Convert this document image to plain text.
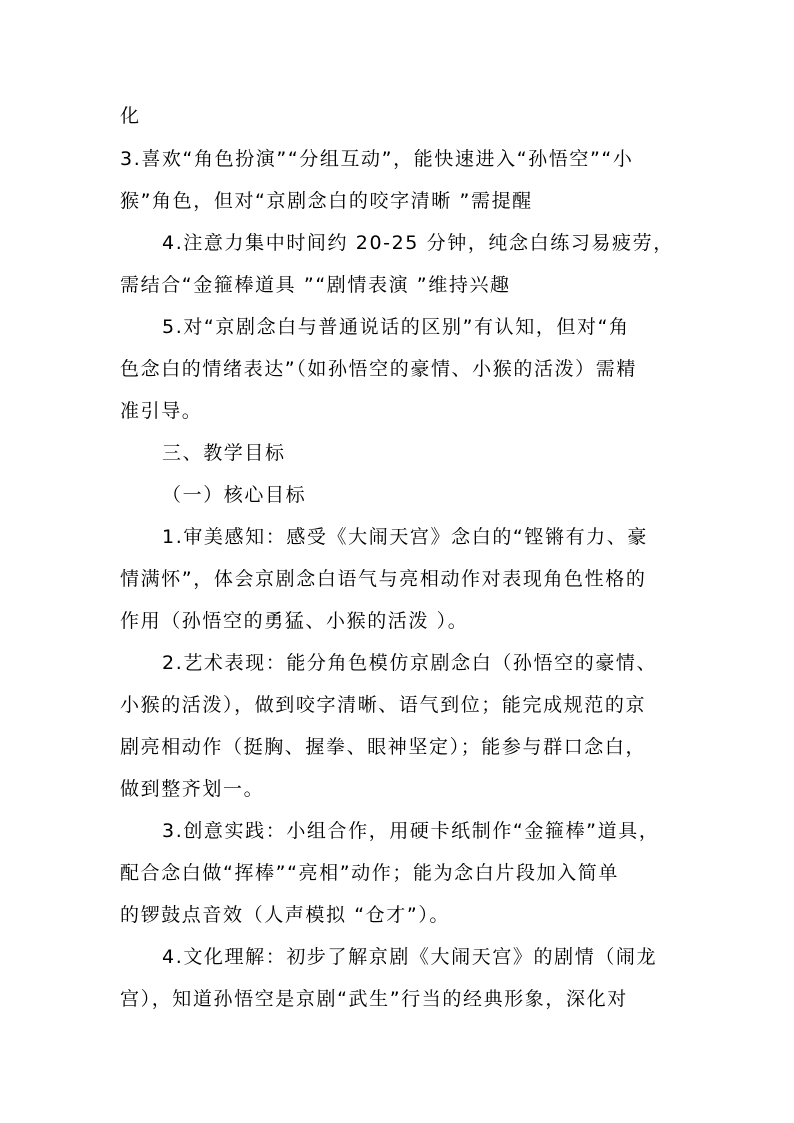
化
3.喜欢“角色扮演”“分组互动”，能快速进入“孙悟空”“小
猴”角色，但对“京剧念白的咬字清晰 ”需提醒
4.注意力集中时间约 20-25 分钟，纯念白练习易疲劳，
需结合“金箍棒道具 ”“剧情表演 ”维持兴趣
5.对“京剧念白与普通说话的区别”有认知，但对“角
色念白的情绪表达”（如孙悟空的豪情、小猴的活泼）需精
准引导。
三、教学目标
（一）核心目标
1.审美感知：感受《大闹天宫》念白的“铿锵有力、豪
情满怀”，体会京剧念白语气与亮相动作对表现角色性格的
作用（孙悟空的勇猛、小猴的活泼 ）。
2.艺术表现：能分角色模仿京剧念白（孙悟空的豪情、
小猴的活泼），做到咬字清晰、语气到位；能完成规范的京
剧亮相动作（挺胸、握拳、眼神坚定）；能参与群口念白，
做到整齐划一。
3.创意实践：小组合作，用硬卡纸制作“金箍棒”道具，
配合念白做“挥棒”“亮相”动作；能为念白片段加入简单
的锣鼓点音效（人声模拟 “仓才”）。
4.文化理解：初步了解京剧《大闹天宫》的剧情（闹龙
宫），知道孙悟空是京剧“武生”行当的经典形象，深化对
